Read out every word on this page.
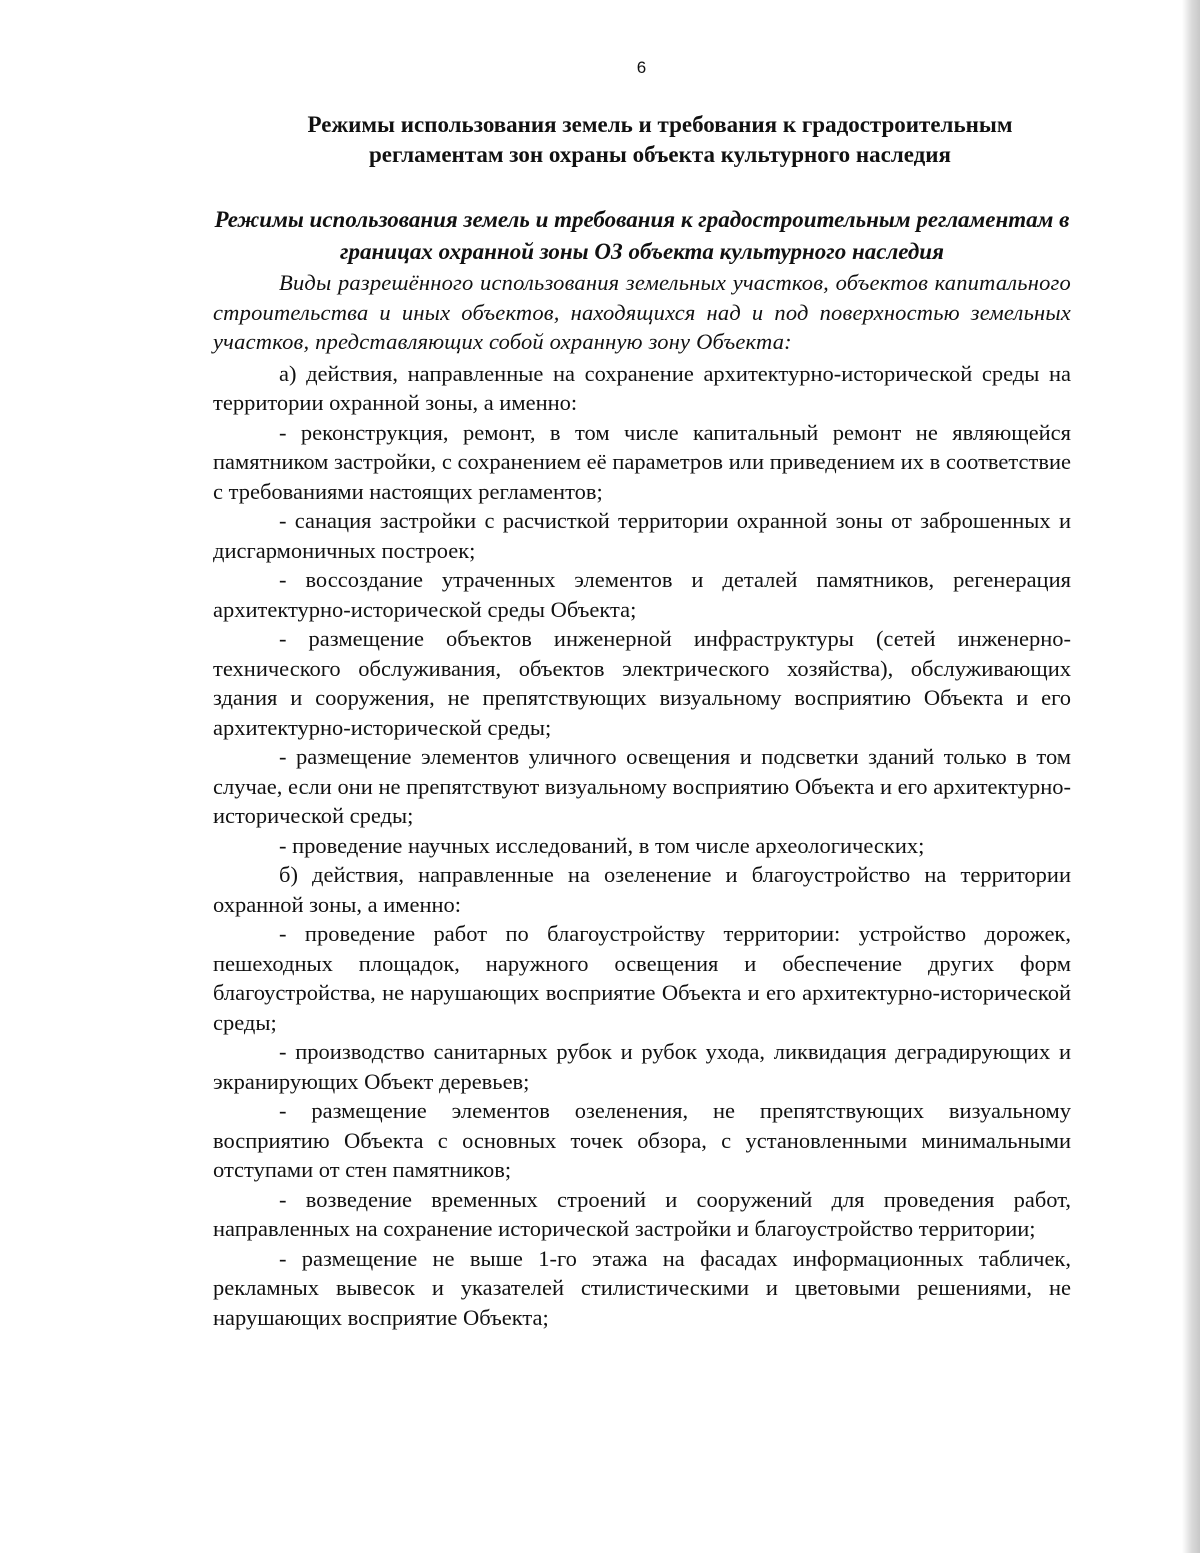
6

Режимы использования земель и требования к градостроительным регламентам зон охраны объекта культурного наследия

Режимы использования земель и требования к градостроительным регламентам в границах охранной зоны ОЗ объекта культурного наследия

Виды разрешённого использования земельных участков, объектов капитального строительства и иных объектов, находящихся над и под поверхностью земельных участков, представляющих собой охранную зону Объекта:

а) действия, направленные на сохранение архитектурно-исторической среды на территории охранной зоны, а именно:

- реконструкция, ремонт, в том числе капитальный ремонт не являющейся памятником застройки, с сохранением её параметров или приведением их в соответствие с требованиями настоящих регламентов;

- санация застройки с расчисткой территории охранной зоны от заброшенных и дисгармоничных построек;

- воссоздание утраченных элементов и деталей памятников, регенерация архитектурно-исторической среды Объекта;

- размещение объектов инженерной инфраструктуры (сетей инженерно-технического обслуживания, объектов электрического хозяйства), обслуживающих здания и сооружения, не препятствующих визуальному восприятию Объекта и его архитектурно-исторической среды;

- размещение элементов уличного освещения и подсветки зданий только в том случае, если они не препятствуют визуальному восприятию Объекта и его архитектурно-исторической среды;

- проведение научных исследований, в том числе археологических;

б) действия, направленные на озеленение и благоустройство на территории охранной зоны, а именно:

- проведение работ по благоустройству территории: устройство дорожек, пешеходных площадок, наружного освещения и обеспечение других форм благоустройства, не нарушающих восприятие Объекта и его архитектурно-исторической среды;

- производство санитарных рубок и рубок ухода, ликвидация деградирующих и экранирующих Объект деревьев;

- размещение элементов озеленения, не препятствующих визуальному восприятию Объекта с основных точек обзора, с установленными минимальными отступами от стен памятников;

- возведение временных строений и сооружений для проведения работ, направленных на сохранение исторической застройки и благоустройство территории;

- размещение не выше 1-го этажа на фасадах информационных табличек, рекламных вывесок и указателей стилистическими и цветовыми решениями, не нарушающих восприятие Объекта;
